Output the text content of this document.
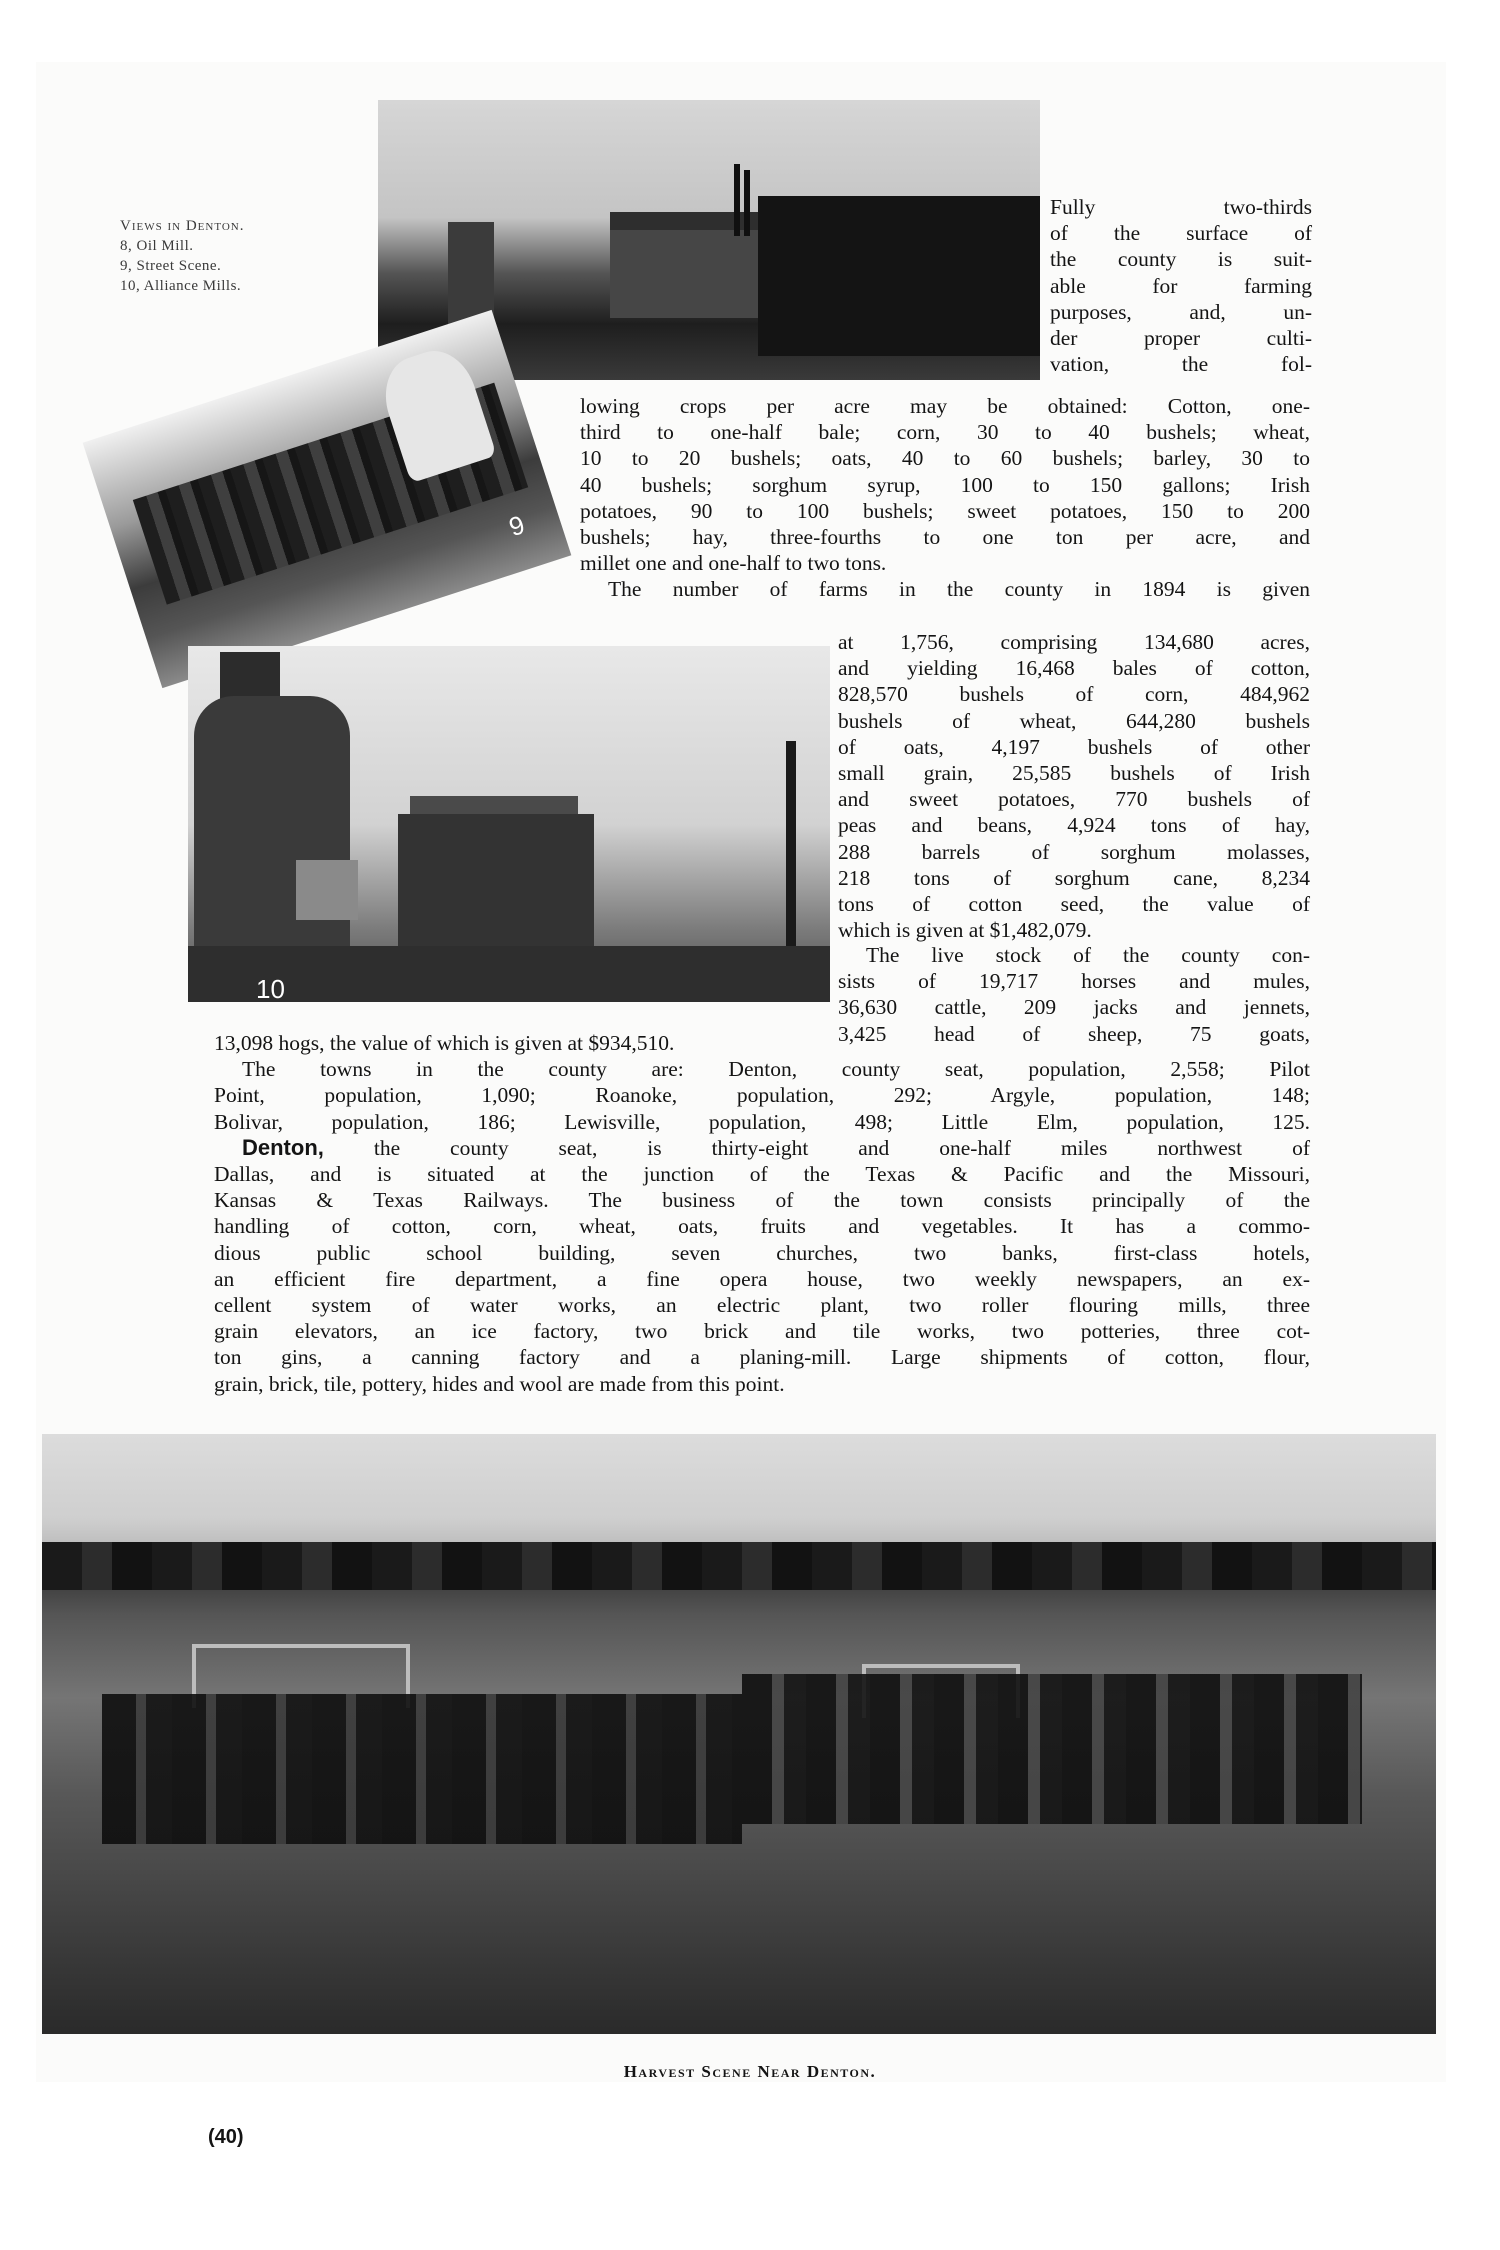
Views in Denton.
8, Oil Mill.
9, Street Scene.
10, Alliance Mills.
9
10
Fully two-thirds
of the surface of
the county is suit-
able for farming
purposes, and, un-
der proper culti-
vation, the fol-
lowing crops per acre may be obtained: Cotton, one-
third to one-half bale; corn, 30 to 40 bushels; wheat,
10 to 20 bushels; oats, 40 to 60 bushels; barley, 30 to
40 bushels; sorghum syrup, 100 to 150 gallons; Irish
potatoes, 90 to 100 bushels; sweet potatoes, 150 to 200
bushels; hay, three-fourths to one ton per acre, and
millet one and one-half to two tons.
The number of farms in the county in 1894 is given
at 1,756, comprising 134,680 acres,
and yielding 16,468 bales of cotton,
828,570 bushels of corn, 484,962
bushels of wheat, 644,280 bushels
of oats, 4,197 bushels of other
small grain, 25,585 bushels of Irish
and sweet potatoes, 770 bushels of
peas and beans, 4,924 tons of hay,
288 barrels of sorghum molasses,
218 tons of sorghum cane, 8,234
tons of cotton seed, the value of
which is given at $1,482,079.
The live stock of the county con-
sists of 19,717 horses and mules,
36,630 cattle, 209 jacks and jennets,
3,425 head of sheep, 75 goats,
13,098 hogs, the value of which is given at $934,510.
The towns in the county are: Denton, county seat, population, 2,558; Pilot
Point, population, 1,090; Roanoke, population, 292; Argyle, population, 148;
Bolivar, population, 186; Lewisville, population, 498; Little Elm, population, 125.
Denton, the county seat, is thirty-eight and one-half miles northwest of
Dallas, and is situated at the junction of the Texas & Pacific and the Missouri,
Kansas & Texas Railways. The business of the town consists principally of the
handling of cotton, corn, wheat, oats, fruits and vegetables. It has a commo-
dious public school building, seven churches, two banks, first-class hotels,
an efficient fire department, a fine opera house, two weekly newspapers, an ex-
cellent system of water works, an electric plant, two roller flouring mills, three
grain elevators, an ice factory, two brick and tile works, two potteries, three cot-
ton gins, a canning factory and a planing-mill. Large shipments of cotton, flour,
grain, brick, tile, pottery, hides and wool are made from this point.
Harvest Scene Near Denton.
(40)
